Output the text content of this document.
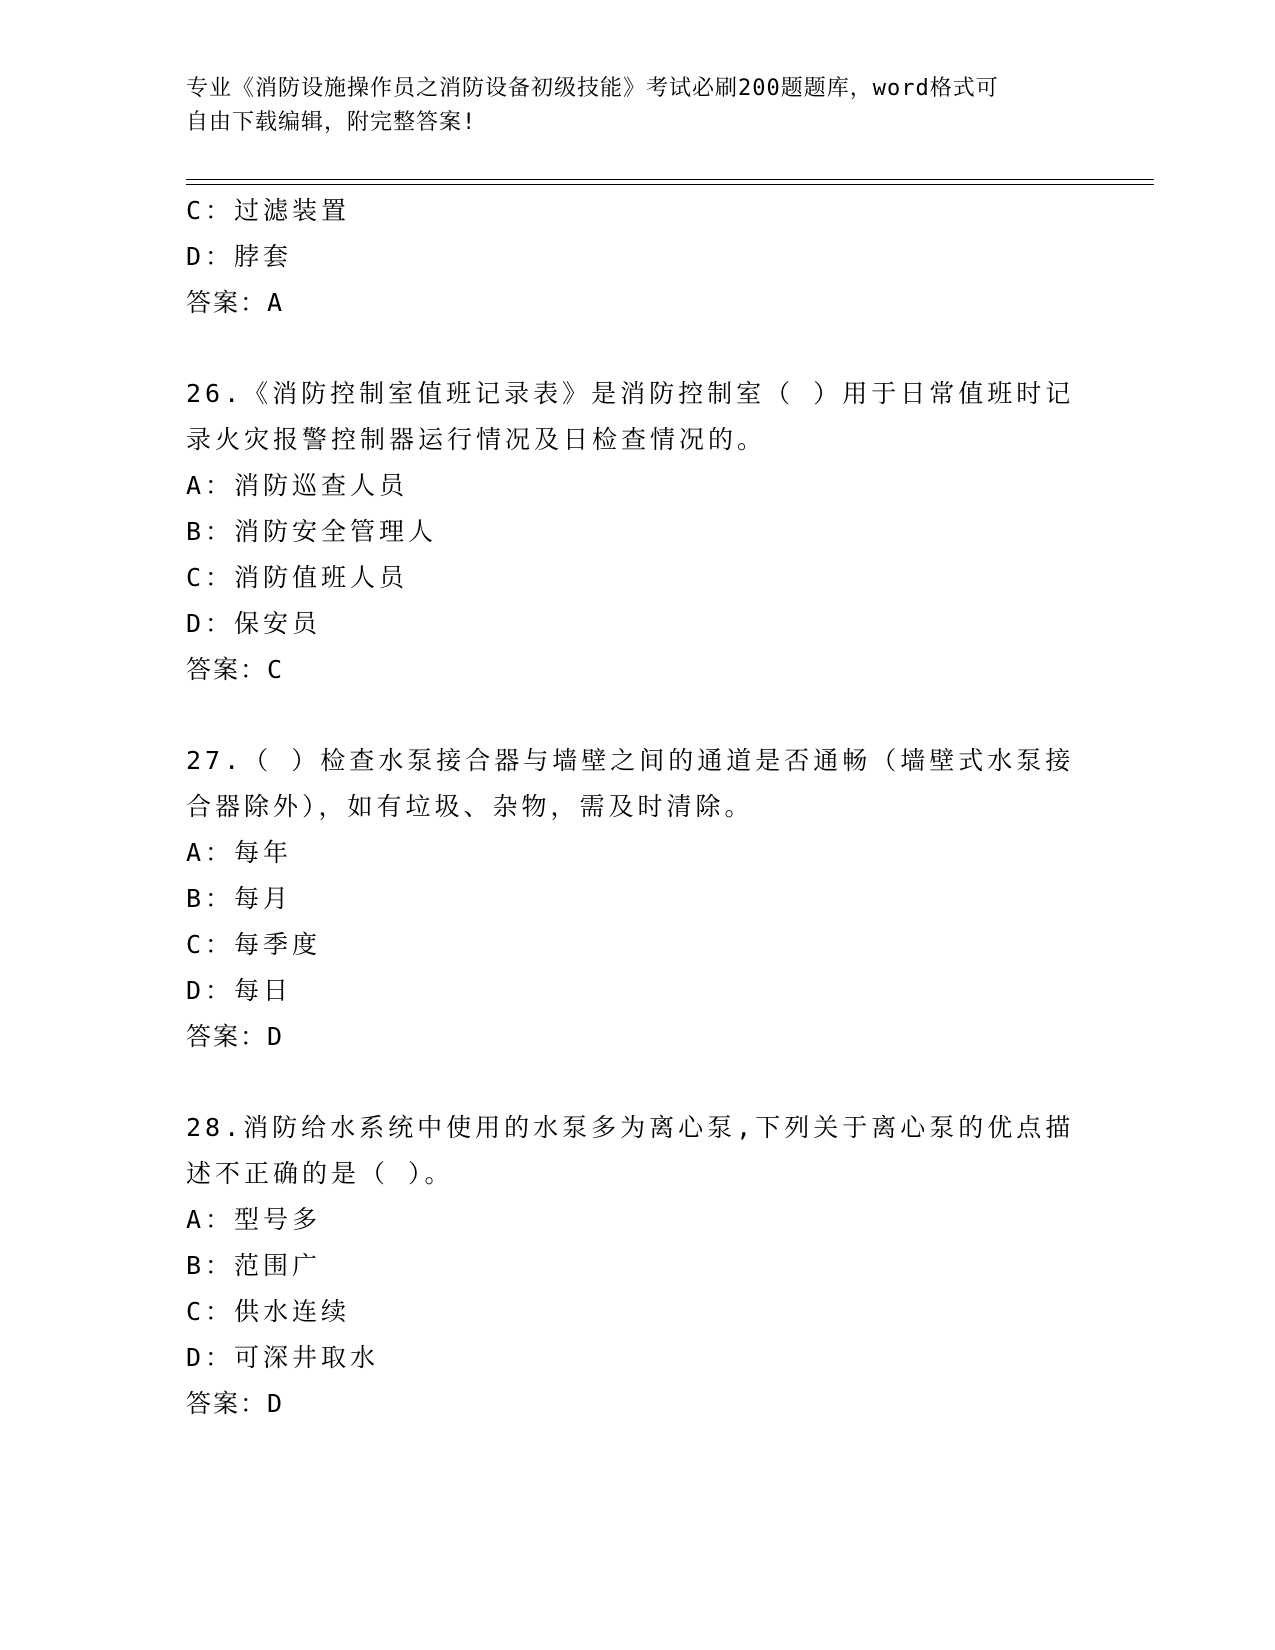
专业《消防设施操作员之消防设备初级技能》考试必刷200题题库，word格式可
自由下载编辑，附完整答案!
C：过滤装置
D：脖套
答案：A
26.《消防控制室值班记录表》是消防控制室（ ）用于日常值班时记
录火灾报警控制器运行情况及日检查情况的。
A：消防巡查人员
B：消防安全管理人
C：消防值班人员
D：保安员
答案：C
27.（ ）检查水泵接合器与墙壁之间的通道是否通畅（墙壁式水泵接
合器除外），如有垃圾、杂物，需及时清除。
A：每年
B：每月
C：每季度
D：每日
答案：D
28.消防给水系统中使用的水泵多为离心泵,下列关于离心泵的优点描
述不正确的是（ ）。
A：型号多
B：范围广
C：供水连续
D：可深井取水
答案：D
